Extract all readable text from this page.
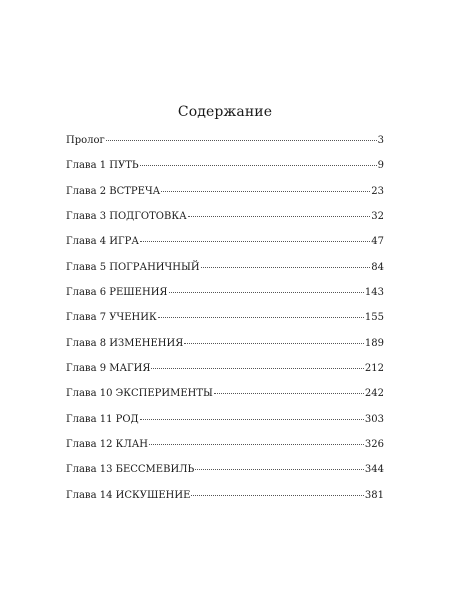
Содержание
Пролог	3
Глава 1 ПУТЬ	9
Глава 2 ВСТРЕЧА	23
Глава 3 ПОДГОТОВКА	32
Глава 4 ИГРА	47
Глава 5 ПОГРАНИЧНЫЙ	84
Глава 6 РЕШЕНИЯ	143
Глава 7 УЧЕНИК	155
Глава 8 ИЗМЕНЕНИЯ	189
Глава 9 МАГИЯ	212
Глава 10 ЭКСПЕРИМЕНТЫ	242
Глава 11 РОД	303
Глава 12 КЛАН	326
Глава 13 БЕССМЕВИЛЬ	344
Глава 14 ИСКУШЕНИЕ	381
